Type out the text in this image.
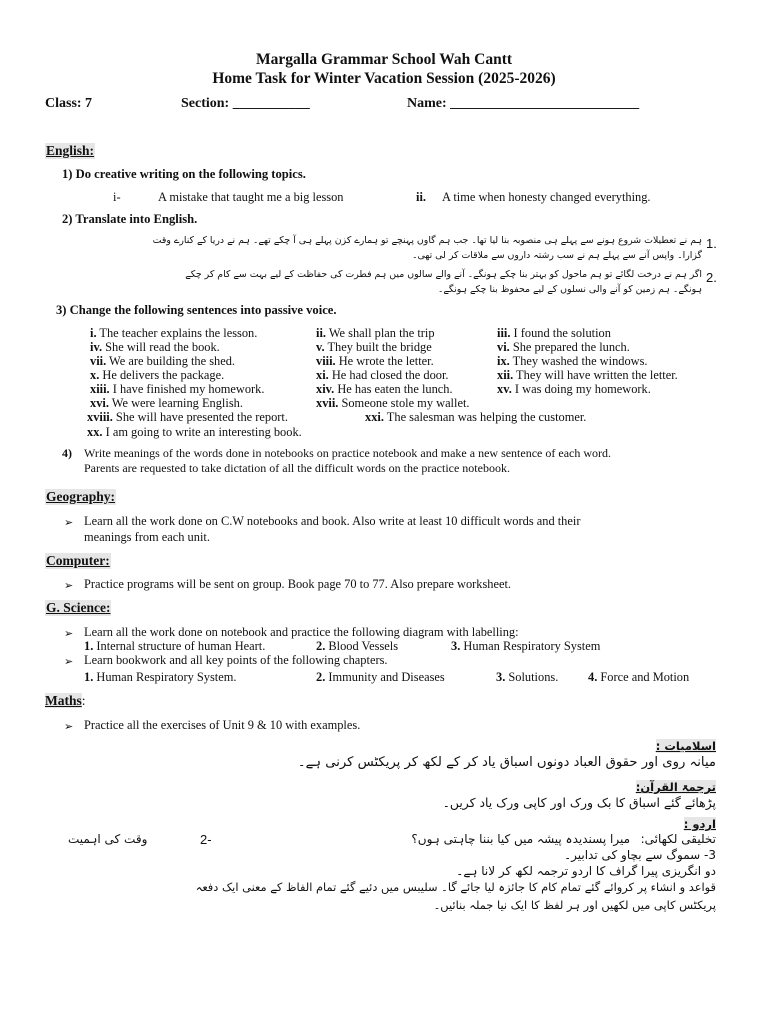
Margalla Grammar School Wah Cantt
Home Task for Winter Vacation Session (2025-2026)
Class: 7	Section: ___________	Name: ___________________________
English:
1) Do creative writing on the following topics.
i-	A mistake that taught me a big lesson	ii. A time when honesty changed everything.
2) Translate into English.
1.
ہم نے تعطیلات شروع ہونے سے پہلے ہی منصوبہ بنا لیا تھا۔ جب ہم گاوں پہنچے تو ہمارے کزن پہلے ہی آ چکے تھے۔ ہم نے دریا کے کنارے وقت
گزارا۔ واپس آنے سے پہلے ہم نے سب رشتہ داروں سے ملاقات کر لی تھی۔
2.
اگر ہم نے درخت لگائے تو ہم ماحول کو بہتر بنا چکے ہونگے۔ آنے والے سالوں میں ہم فطرت کی حفاظت کے لیے بہت سے کام کر چکے
ہونگے۔ ہم زمین کو آنے والی نسلوں کے لیے محفوظ بنا چکے ہونگے۔
3) Change the following sentences into passive voice.
i. The teacher explains the lesson.	ii. We shall plan the trip	iii. I found the solution
iv. She will read the book.	v. They built the bridge	vi. She prepared the lunch.
vii. We are building the shed.	viii. He wrote the letter.	ix. They washed the windows.
x. He delivers the package.	xi. He had closed the door.	xii. They will have written the letter.
xiii. I have finished my homework.	xiv. He has eaten the lunch.	xv. I was doing my homework.
xvi. We were learning English.	xvii. Someone stole my wallet.
xviii. She will have presented the report.	xxi. The salesman was helping the customer.
xx. I am going to write an interesting book.
4) Write meanings of the words done in notebooks on practice notebook and make a new sentence of each word.
Parents are requested to take dictation of all the difficult words on the practice notebook.
Geography:
➢ Learn all the work done on C.W notebooks and book. Also write at least 10 difficult words and their
meanings from each unit.
Computer:
➢ Practice programs will be sent on group. Book page 70 to 77. Also prepare worksheet.
G. Science:
➢ Learn all the work done on notebook and practice the following diagram with labelling:
1. Internal structure of human Heart.	2. Blood Vessels	3. Human Respiratory System
➢ Learn bookwork and all key points of the following chapters.
1. Human Respiratory System.	2. Immunity and Diseases	3. Solutions. 4. Force and Motion
Maths:
➢ Practice all the exercises of Unit 9 & 10 with examples.
اسلامیات :
میانہ روی اور حقوق العباد دونوں اسباق یاد کر کے لکھ کر پریکٹس کرنی ہے۔
ترجمۃ القرآن:
پڑھائے گئے اسباق کا بک ورک اور کاپی ورک یاد کریں۔
اردو :
تخلیقی لکھائی:
میرا پسندیدہ پیشہ میں کیا بننا چاہتی ہوں؟
2-
وقت کی اہمیت
3- سموگ سے بچاو کی تدابیر۔
دو انگریزی پیرا گراف کا اردو ترجمہ لکھ کر لانا ہے۔
قواعد و انشاء پر کروائے گئے تمام کام کا جائزہ لیا جائے گا۔ سلیبس میں دئیے گئے تمام الفاظ کے معنی ایک دفعہ
پریکٹس کاپی میں لکھیں اور ہر لفظ کا ایک نیا جملہ بنائیں۔
